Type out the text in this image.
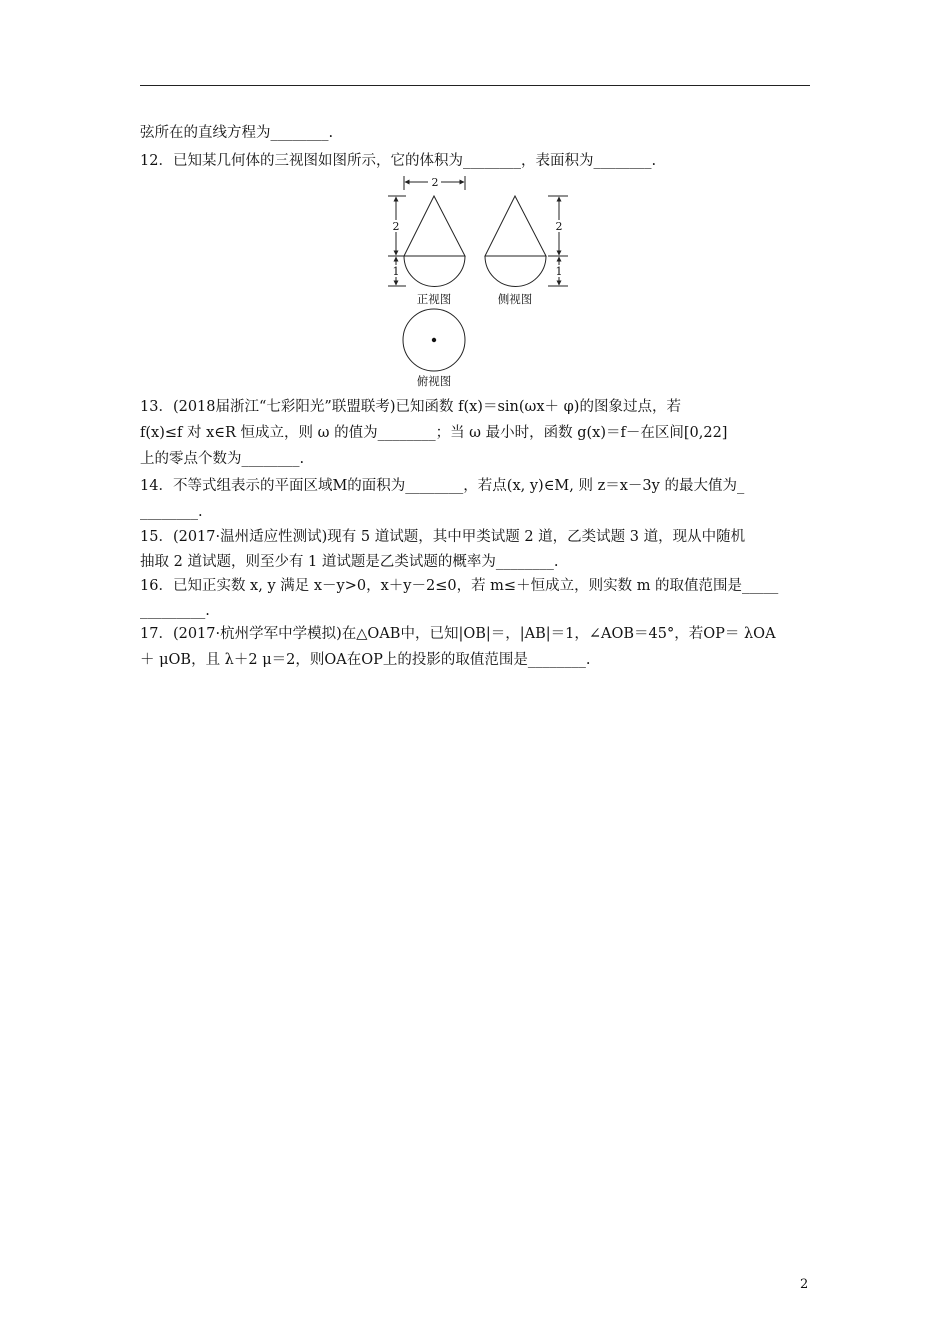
弦所在的直线方程为________.
12．已知某几何体的三视图如图所示，它的体积为________，表面积为________.
2
2
1
2
1
正视图	侧视图
俯视图
13．(2018届浙江“七彩阳光”联盟联考)已知函数 f(x)＝sin(ωx＋ φ)的图象过点，若
f(x)≤f 对 x∈R 恒成立，则 ω 的值为________；当 ω 最小时，函数 g(x)＝f－在区间[0,22]
上的零点个数为________.
14．不等式组表示的平面区域M的面积为________，若点(x, y)∈M, 则 z＝x－3y 的最大值为_
________.
15．(2017·温州适应性测试)现有 5 道试题，其中甲类试题 2 道，乙类试题 3 道，现从中随机
抽取 2 道试题，则至少有 1 道试题是乙类试题的概率为________.
16．已知正实数 x, y 满足 x－y>0，x＋y－2≤0，若 m≤＋恒成立，则实数 m 的取值范围是_____
_________.
17．(2017·杭州学军中学模拟)在△OAB中，已知|OB|＝，|AB|＝1，∠AOB＝45°，若OP＝ λOA
＋ μOB，且 λ＋2 μ＝2，则OA在OP上的投影的取值范围是________.
2
